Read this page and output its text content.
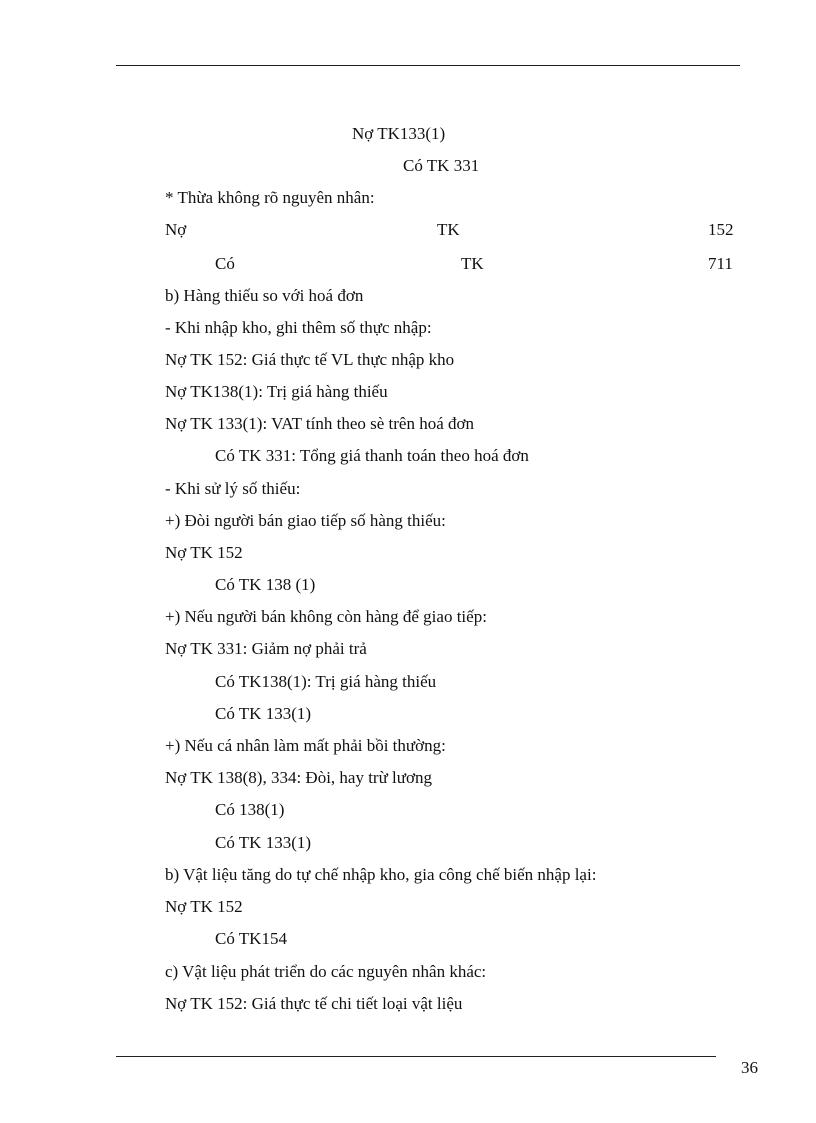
Nợ TK133(1)
Có TK 331
* Thừa không rõ nguyên nhân:
Nợ	TK	152
Có	TK	711
b) Hàng thiếu so với hoá đơn
- Khi nhập kho, ghi thêm số thực nhập:
Nợ TK 152: Giá thực tế VL thực nhập kho
Nợ TK138(1): Trị giá hàng thiếu
Nợ TK 133(1): VAT tính theo sè trên hoá đơn
Có TK 331: Tổng giá thanh toán theo hoá đơn
- Khi sử lý số thiếu:
+) Đòi người bán giao tiếp số hàng thiếu:
Nợ TK 152
Có TK 138 (1)
+) Nếu người bán không còn hàng để giao tiếp:
Nợ TK 331: Giảm nợ phải trả
Có TK138(1): Trị giá hàng thiếu
Có TK 133(1)
+) Nếu cá nhân làm mất phải bồi thường:
Nợ TK 138(8), 334: Đòi, hay trừ lương
Có 138(1)
Có TK 133(1)
b) Vật liệu tăng do tự chế nhập kho, gia công chế biến nhập lại:
Nợ TK 152
Có TK154
c) Vật liệu phát triển do các nguyên nhân khác:
Nợ TK 152: Giá thực tế chi tiết loại vật liệu
36
